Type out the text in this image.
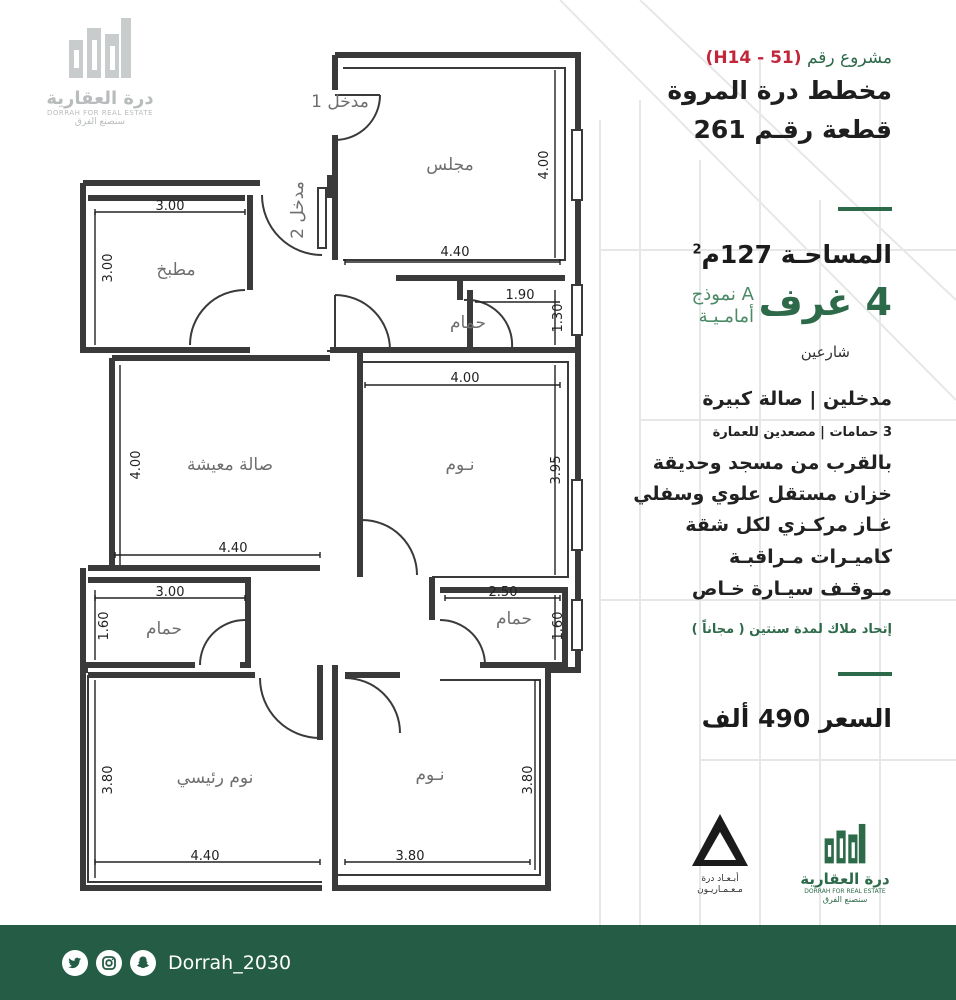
درة العقارية
DORRAH FOR REAL ESTATE
سنصنع الفرق
مجلس
مدخل 1
مدخل 2
مطبخ
حمام
صالة معيشة	نـوم
حمام	حمام
نوم رئيسي	نـوم
4.00
4.40
3.00
3.00
1.90
1.30
4.00
3.95
4.00
4.40
3.00
1.60
2.50
1.60
3.80
4.40	3.80
3.80
مشروع رقم (H14 - 51)
مخطط درة المروة
قطعة رقـم 261
المساحـة 127م$^2$
4 غرف
نموذج A
أمامـيـة
شارعين
مدخلين | صالة كبيرة
3 حمامات | مصعدين للعمارة
بالقرب من مسجد وحديقة
خزان مستقل علوي وسفلي
غـاز مركـزي لكل شقة
كاميـرات مـراقبـة
مـوقـف سيـارة خـاص
إتحاد ملاك لمدة سنتين ( مجاناً )
السعر 490 ألف
أبـعـاد درة
مـعـمـاريـون
درة العقارية
DORRAH FOR REAL ESTATE
سنصنع الفرق
Dorrah_2030
